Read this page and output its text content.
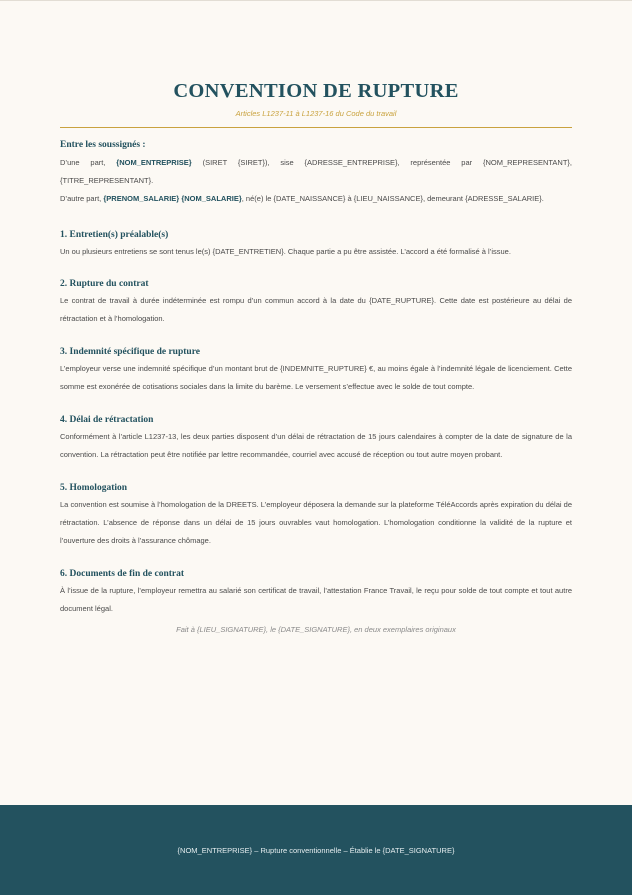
CONVENTION DE RUPTURE
Articles L1237-11 à L1237-16 du Code du travail
Entre les soussignés :

D’une part, {NOM_ENTREPRISE} (SIRET {SIRET}), sise {ADRESSE_ENTREPRISE}, représentée par {NOM_REPRESENTANT}, {TITRE_REPRESENTANT}.

D’autre part, {PRENOM_SALARIE} {NOM_SALARIE}, né(e) le {DATE_NAISSANCE} à {LIEU_NAISSANCE}, demeurant {ADRESSE_SALARIE}.

1. Entretien(s) préalable(s)

Un ou plusieurs entretiens se sont tenus le(s) {DATE_ENTRETIEN}. Chaque partie a pu être assistée. L’accord a été formalisé à l’issue.

2. Rupture du contrat

Le contrat de travail à durée indéterminée est rompu d’un commun accord à la date du {DATE_RUPTURE}. Cette date est postérieure au délai de rétractation et à l’homologation.

3. Indemnité spécifique de rupture

L’employeur verse une indemnité spécifique d’un montant brut de {INDEMNITE_RUPTURE} €, au moins égale à l’indemnité légale de licenciement. Cette somme est exonérée de cotisations sociales dans la limite du barème. Le versement s’effectue avec le solde de tout compte.

4. Délai de rétractation

Conformément à l’article L1237-13, les deux parties disposent d’un délai de rétractation de 15 jours calendaires à compter de la date de signature de la convention. La rétractation peut être notifiée par lettre recommandée, courriel avec accusé de réception ou tout autre moyen probant.

5. Homologation

La convention est soumise à l’homologation de la DREETS. L’employeur déposera la demande sur la plateforme TéléAccords après expiration du délai de rétractation. L’absence de réponse dans un délai de 15 jours ouvrables vaut homologation. L’homologation conditionne la validité de la rupture et l’ouverture des droits à l’assurance chômage.

6. Documents de fin de contrat

À l’issue de la rupture, l’employeur remettra au salarié son certificat de travail, l’attestation France Travail, le reçu pour solde de tout compte et tout autre document légal.

Fait à {LIEU_SIGNATURE}, le {DATE_SIGNATURE}, en deux exemplaires originaux
{NOM_ENTREPRISE} – Rupture conventionnelle – Établie le {DATE_SIGNATURE}
